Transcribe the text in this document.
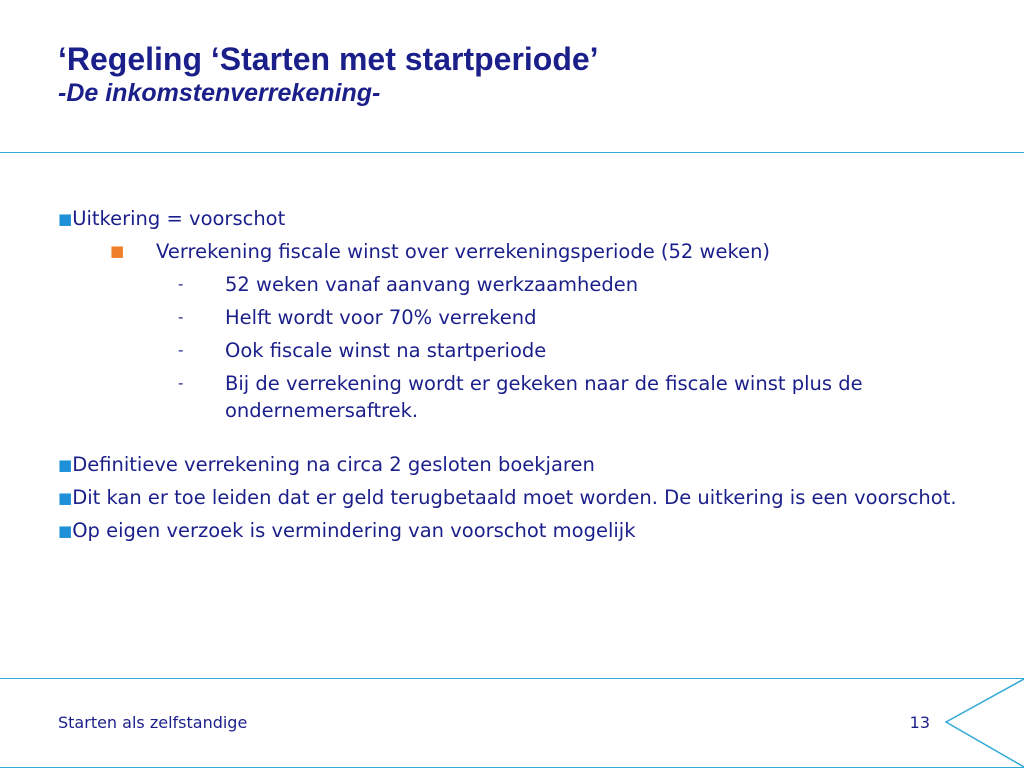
‘Regeling ‘Starten met startperiode’
-De inkomstenverrekening-

■Uitkering = voorschot

■ Verrekening fiscale winst over verrekeningsperiode (52 weken)

- 52 weken vanaf aanvang werkzaamheden

- Helft wordt voor 70% verrekend

- Ook fiscale winst na startperiode

- Bij de verrekening wordt er gekeken naar de fiscale winst plus de ondernemersaftrek.

■Definitieve verrekening na circa 2 gesloten boekjaren

■Dit kan er toe leiden dat er geld terugbetaald moet worden. De uitkering is een voorschot.

■Op eigen verzoek is vermindering van voorschot mogelijk

Starten als zelfstandige	13
